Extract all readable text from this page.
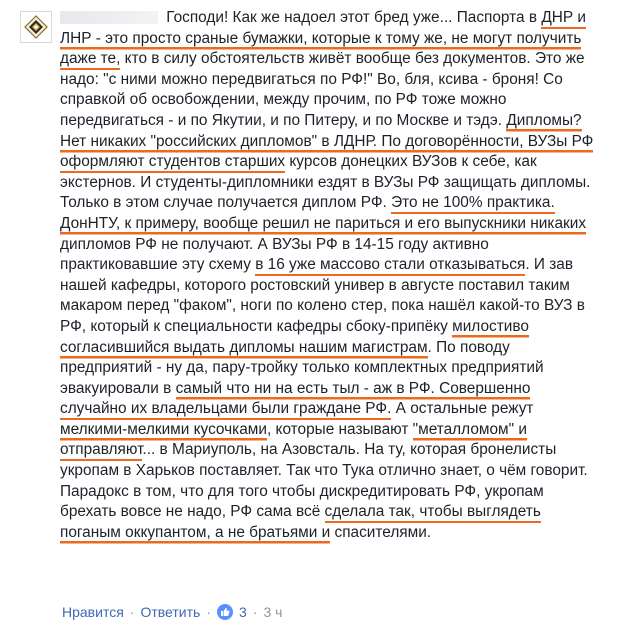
Господи! Как же надоел этот бред уже... Паспорта в ДНР и ЛНР - это просто сраные бумажки, которые к тому же, не могут получить даже те, кто в силу обстоятельств живёт вообще без документов. Это же надо: "с ними можно передвигаться по РФ!" Во, бля, ксива - броня! Со справкой об освобождении, между прочим, по РФ тоже можно передвигаться - и по Якутии, и по Питеру, и по Москве и тэдэ. Дипломы? Нет никаких "российских дипломов" в ЛДНР. По договорённости, ВУЗы РФ оформляют студентов старших курсов донецких ВУЗов к себе, как экстернов. И студенты-дипломники ездят в ВУЗы РФ защищать дипломы. Только в этом случае получается диплом РФ. Это не 100% практика. ДонНТУ, к примеру, вообще решил не париться и его выпускники никаких дипломов РФ не получают. А ВУЗы РФ в 14-15 году активно практиковавшие эту схему в 16 уже массово стали отказываться. И зав нашей кафедры, которого ростовский универ в августе поставил таким макаром перед "факом", ноги по колено стер, пока нашёл какой-то ВУЗ в РФ, который к специальности кафедры сбоку-припёку милостиво согласившийся выдать дипломы нашим магистрам. По поводу предприятий - ну да, пару-тройку только комплектных предприятий эвакуировали в самый что ни на есть тыл - аж в РФ. Совершенно случайно их владельцами были граждане РФ. А остальные режут мелкими-мелкими кусочками, которые называют "металломом" и отправляют... в Мариуполь, на Азовсталь. На ту, которая бронелисты укропам в Харьков поставляет. Так что Тука отлично знает, о чём говорит. Парадокс в том, что для того чтобы дискредитировать РФ, укропам брехать вовсе не надо, РФ сама всё сделала так, чтобы выглядеть поганым оккупантом, а не братьями и спасителями.

Нравится · Ответить · 3 · 3 ч
